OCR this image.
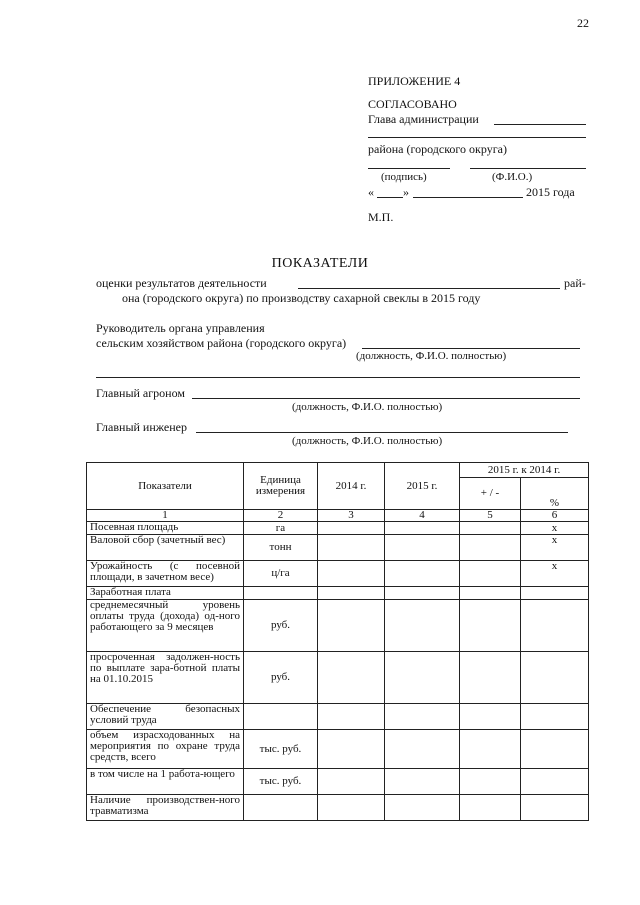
22
ПРИЛОЖЕНИЕ 4
СОГЛАСОВАНО
Глава администрации
района (городского округа)
(подпись)	(Ф.И.О.)
« »	2015 года
М.П.
ПОКАЗАТЕЛИ
оценки результатов деятельности	рай-
она (городского округа) по производству сахарной свеклы в 2015 году
Руководитель органа управления
сельским хозяйством района (городского округа)
(должность, Ф.И.О. полностью)
Главный агроном
(должность, Ф.И.О. полностью)
Главный инженер
(должность, Ф.И.О. полностью)
Показатели	Единица измерения	2014 г.	2015 г.	2015 г. к 2014 г.	
				+ / -	%
1	2	3	4	5	6
Посевная площадь	га				х
Валовой сбор (зачетный вес)	тонн				х
Урожайность (с посевной площади, в зачетном весе)	ц/га				х
Заработная плата					
среднемесячный уровень оплаты труда (дохода) од-ного работающего за 9 месяцев	руб.				
просроченная задолжен-ность по выплате зара-ботной платы на 01.10.2015	руб.				
Обеспечение безопасных условий труда					
объем израсходованных на мероприятия по охране труда средств, всего	тыс. руб.				
в том числе на 1 работа-ющего	тыс. руб.				
Наличие производствен-ного травматизма					
